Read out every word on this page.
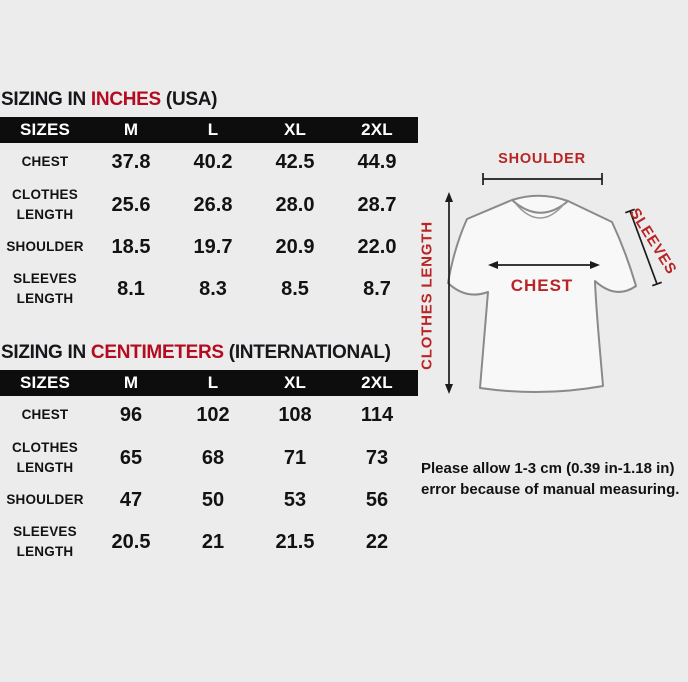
SIZING IN INCHES (USA)
SIZES	M	L	XL	2XL
CHEST	37.8	40.2	42.5	44.9
CLOTHES LENGTH	25.6	26.8	28.0	28.7
SHOULDER	18.5	19.7	20.9	22.0
SLEEVES LENGTH	8.1	8.3	8.5	8.7
SIZING IN CENTIMETERS (INTERNATIONAL)
SIZES	M	L	XL	2XL
CHEST	96	102	108	114
CLOTHES LENGTH	65	68	71	73
SHOULDER	47	50	53	56
SLEEVES LENGTH	20.5	21	21.5	22
SHOULDER
CLOTHES LENGTH	SLEEVES
CHEST
Please allow 1-3 cm (0.39 in-1.18 in)
error because of manual measuring.
